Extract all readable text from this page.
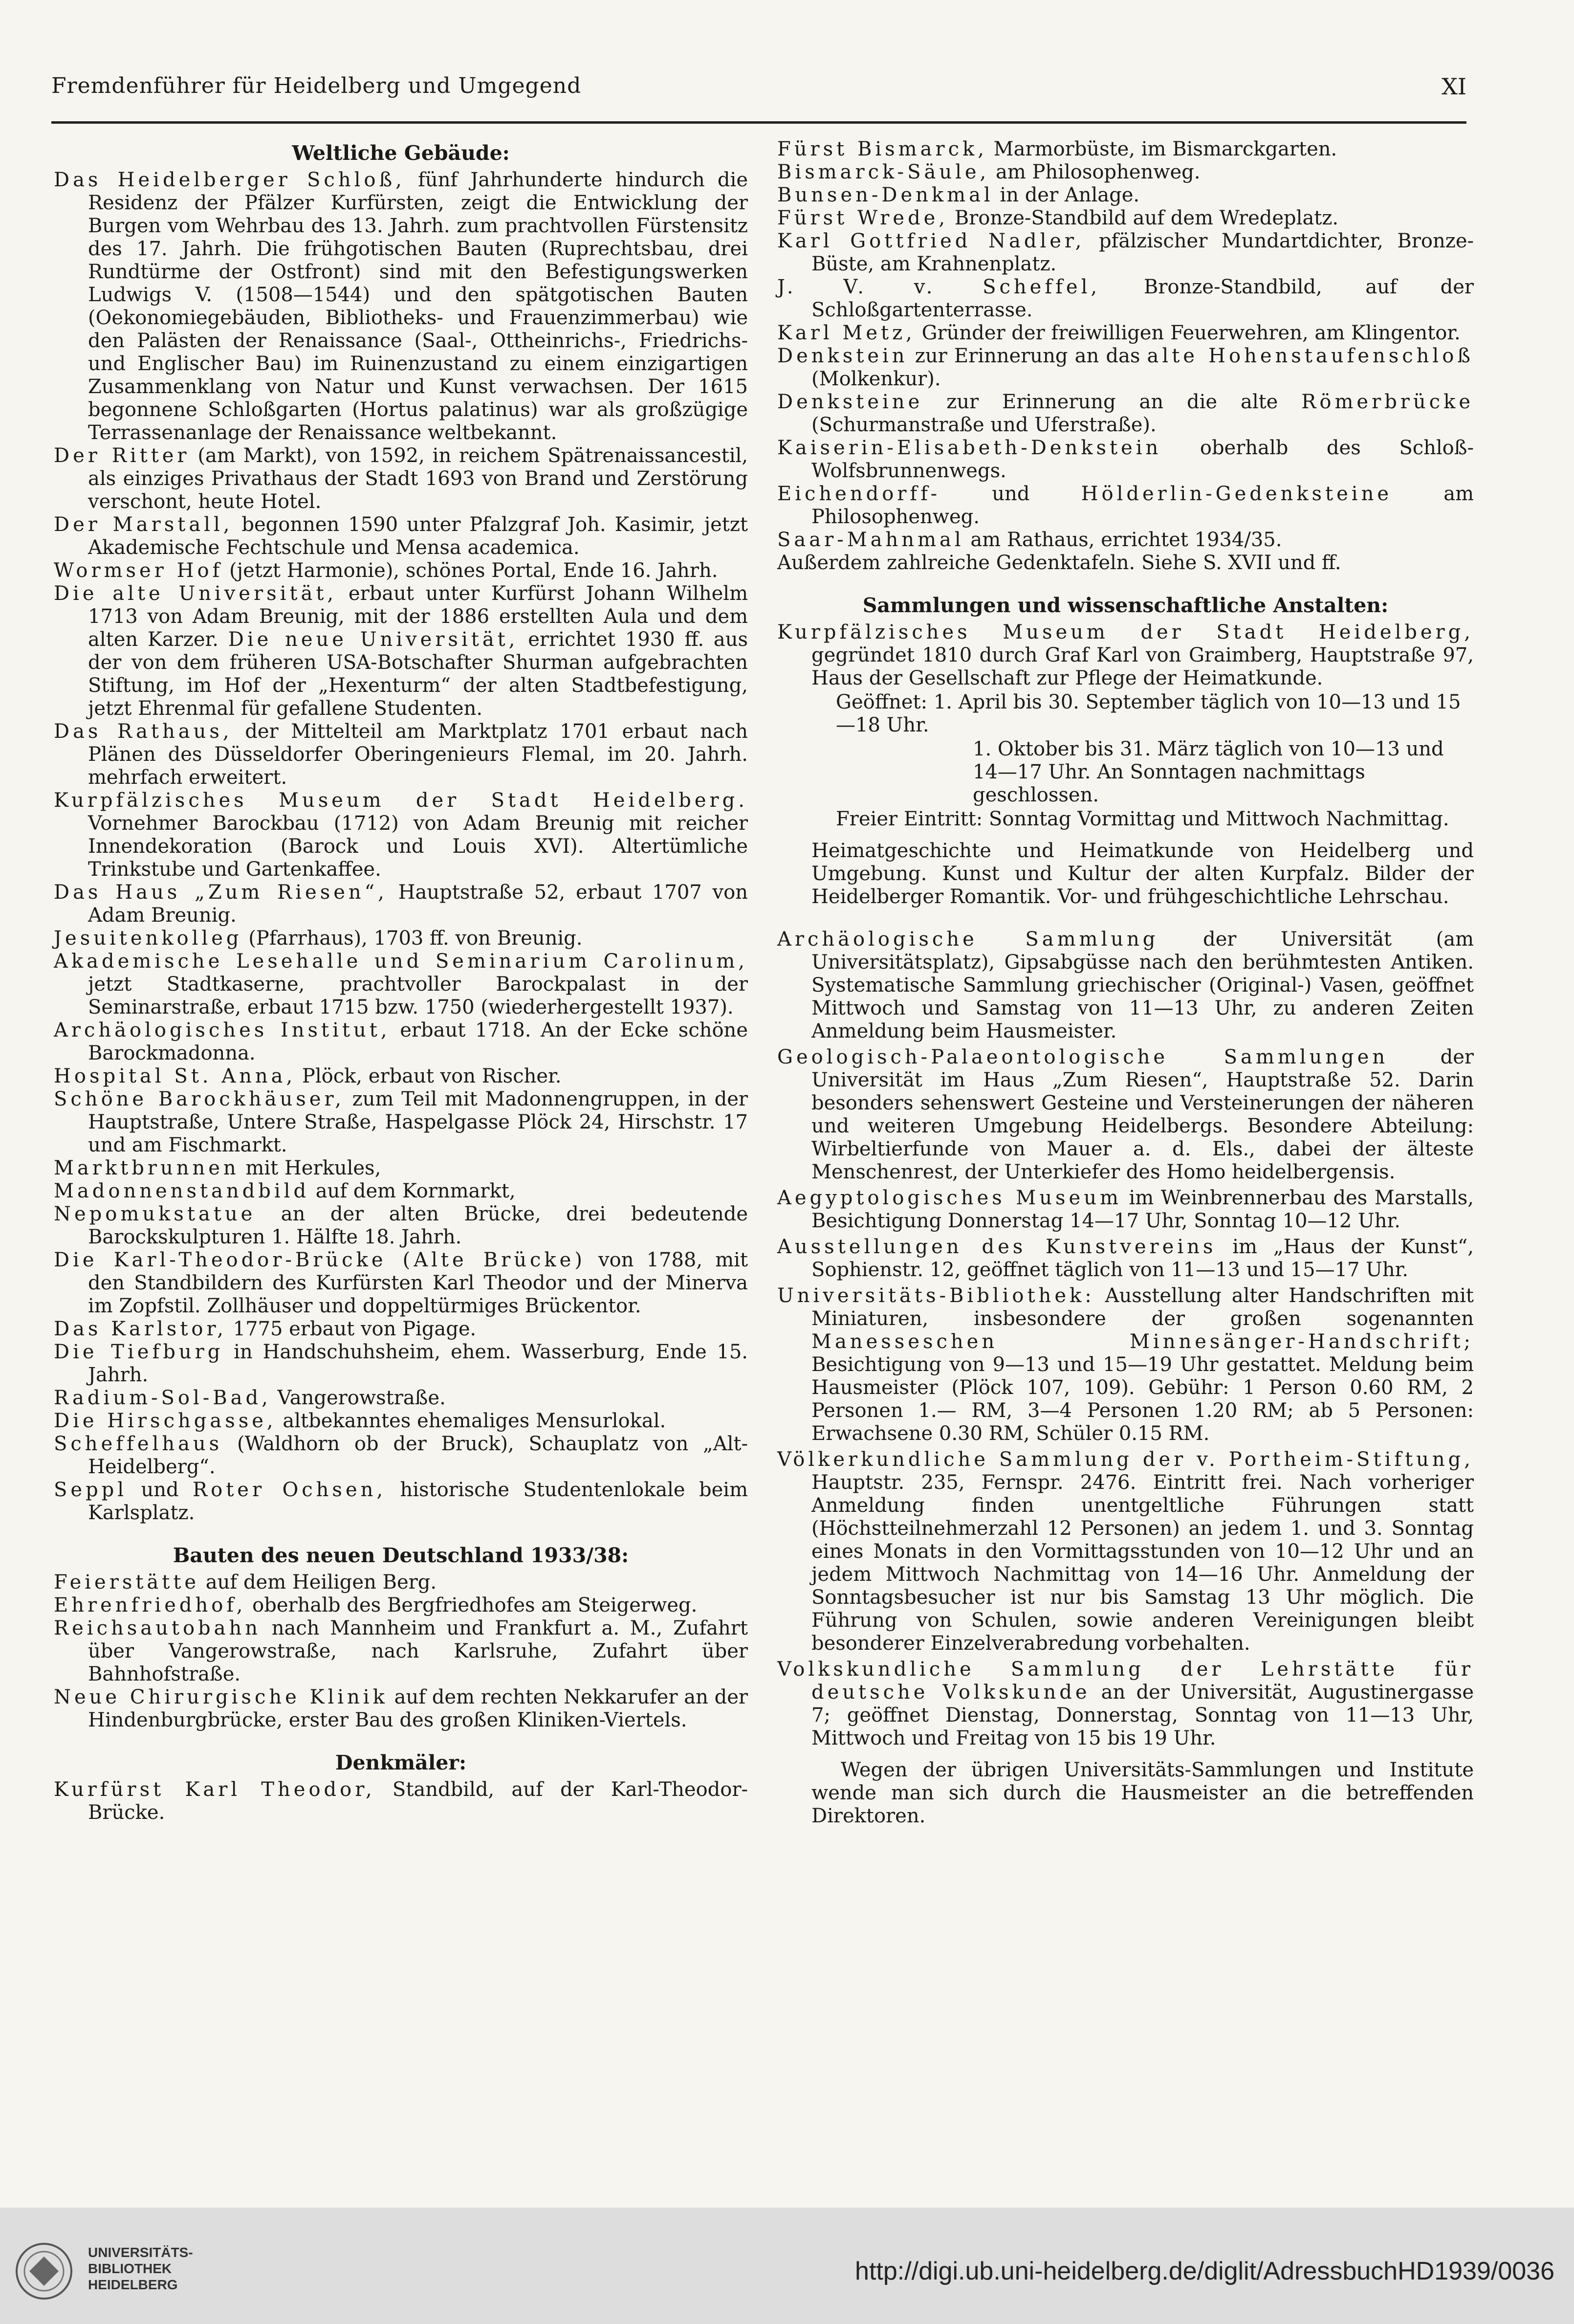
Fremdenführer für Heidelberg und Umgegend	XI
Weltliche Gebäude:

Das Heidelberger Schloß, fünf Jahrhunderte hindurch die Residenz der Pfälzer Kurfürsten, zeigt die Entwicklung der Burgen vom Wehrbau des 13. Jahrh. zum prachtvollen Fürstensitz des 17. Jahrh. Die frühgotischen Bauten (Ruprechtsbau, drei Rundtürme der Ostfront) sind mit den Befestigungswerken Ludwigs V. (1508—1544) und den spätgotischen Bauten (Oekonomiegebäuden, Bibliotheks- und Frauenzimmerbau) wie den Palästen der Renaissance (Saal-, Ottheinrichs-, Friedrichs- und Englischer Bau) im Ruinenzustand zu einem einzigartigen Zusammenklang von Natur und Kunst verwachsen. Der 1615 begonnene Schloßgarten (Hortus palatinus) war als großzügige Terrassenanlage der Renaissance weltbekannt.

Der Ritter (am Markt), von 1592, in reichem Spätrenaissancestil, als einziges Privathaus der Stadt 1693 von Brand und Zerstörung verschont, heute Hotel.

Der Marstall, begonnen 1590 unter Pfalzgraf Joh. Kasimir, jetzt Akademische Fechtschule und Mensa academica.

Wormser Hof (jetzt Harmonie), schönes Portal, Ende 16. Jahrh.

Die alte Universität, erbaut unter Kurfürst Johann Wilhelm 1713 von Adam Breunig, mit der 1886 erstellten Aula und dem alten Karzer. Die neue Universität, errichtet 1930 ff. aus der von dem früheren USA-Botschafter Shurman aufgebrachten Stiftung, im Hof der „Hexenturm“ der alten Stadtbefestigung, jetzt Ehrenmal für gefallene Studenten.

Das Rathaus, der Mittelteil am Marktplatz 1701 erbaut nach Plänen des Düsseldorfer Oberingenieurs Flemal, im 20. Jahrh. mehrfach erweitert.

Kurpfälzisches Museum der Stadt Heidelberg. Vornehmer Barockbau (1712) von Adam Breunig mit reicher Innendekoration (Barock und Louis XVI). Altertümliche Trinkstube und Gartenkaffee.

Das Haus „Zum Riesen“, Hauptstraße 52, erbaut 1707 von Adam Breunig.

Jesuitenkolleg (Pfarrhaus), 1703 ff. von Breunig.

Akademische Lesehalle und Seminarium Carolinum, jetzt Stadtkaserne, prachtvoller Barockpalast in der Seminarstraße, erbaut 1715 bzw. 1750 (wiederhergestellt 1937).

Archäologisches Institut, erbaut 1718. An der Ecke schöne Barockmadonna.

Hospital St. Anna, Plöck, erbaut von Rischer.

Schöne Barockhäuser, zum Teil mit Madonnengruppen, in der Hauptstraße, Untere Straße, Haspelgasse Plöck 24, Hirschstr. 17 und am Fischmarkt.

Marktbrunnen mit Herkules,

Madonnenstandbild auf dem Kornmarkt,

Nepomukstatue an der alten Brücke, drei bedeutende Barockskulpturen 1. Hälfte 18. Jahrh.

Die Karl-Theodor-Brücke (Alte Brücke) von 1788, mit den Standbildern des Kurfürsten Karl Theodor und der Minerva im Zopfstil. Zollhäuser und doppeltürmiges Brückentor.

Das Karlstor, 1775 erbaut von Pigage.

Die Tiefburg in Handschuhsheim, ehem. Wasserburg, Ende 15. Jahrh.

Radium-Sol-Bad, Vangerowstraße.

Die Hirschgasse, altbekanntes ehemaliges Mensurlokal.

Scheffelhaus (Waldhorn ob der Bruck), Schauplatz von „Alt-Heidelberg“.

Seppl und Roter Ochsen, historische Studentenlokale beim Karlsplatz.

Bauten des neuen Deutschland 1933/38:

Feierstätte auf dem Heiligen Berg.

Ehrenfriedhof, oberhalb des Bergfriedhofes am Steigerweg.

Reichsautobahn nach Mannheim und Frankfurt a. M., Zufahrt über Vangerowstraße, nach Karlsruhe, Zufahrt über Bahnhofstraße.

Neue Chirurgische Klinik auf dem rechten Nekkarufer an der Hindenburgbrücke, erster Bau des großen Kliniken-Viertels.

Denkmäler:

Kurfürst Karl Theodor, Standbild, auf der Karl-Theodor-Brücke.

Fürst Bismarck, Marmorbüste, im Bismarckgarten.

Bismarck-Säule, am Philosophenweg.

Bunsen-Denkmal in der Anlage.

Fürst Wrede, Bronze-Standbild auf dem Wredeplatz.

Karl Gottfried Nadler, pfälzischer Mundartdichter, Bronze-Büste, am Krahnenplatz.

J. V. v. Scheffel, Bronze-Standbild, auf der Schloßgartenterrasse.

Karl Metz, Gründer der freiwilligen Feuerwehren, am Klingentor.

Denkstein zur Erinnerung an das alte Hohenstaufenschloß (Molkenkur).

Denksteine zur Erinnerung an die alte Römerbrücke (Schurmanstraße und Uferstraße).

Kaiserin-Elisabeth-Denkstein oberhalb des Schloß-Wolfsbrunnenwegs.

Eichendorff- und Hölderlin-Gedenksteine am Philosophenweg.

Saar-Mahnmal am Rathaus, errichtet 1934/35.

Außerdem zahlreiche Gedenktafeln. Siehe S. XVII und ff.

Sammlungen und wissenschaftliche Anstalten:

Kurpfälzisches Museum der Stadt Heidelberg, gegründet 1810 durch Graf Karl von Graimberg, Hauptstraße 97, Haus der Gesellschaft zur Pflege der Heimatkunde.

Geöffnet: 1. April bis 30. September täglich von 10—13 und 15—18 Uhr.

1. Oktober bis 31. März täglich von 10—13 und 14—17 Uhr. An Sonntagen nachmittags geschlossen.

Freier Eintritt: Sonntag Vormittag und Mittwoch Nachmittag.

Heimatgeschichte und Heimatkunde von Heidelberg und Umgebung. Kunst und Kultur der alten Kurpfalz. Bilder der Heidelberger Romantik. Vor- und frühgeschichtliche Lehrschau.

Archäologische Sammlung der Universität (am Universitätsplatz), Gipsabgüsse nach den berühmtesten Antiken. Systematische Sammlung griechischer (Original-) Vasen, geöffnet Mittwoch und Samstag von 11—13 Uhr, zu anderen Zeiten Anmeldung beim Hausmeister.

Geologisch-Palaeontologische Sammlungen der Universität im Haus „Zum Riesen“, Hauptstraße 52. Darin besonders sehenswert Gesteine und Versteinerungen der näheren und weiteren Umgebung Heidelbergs. Besondere Abteilung: Wirbeltierfunde von Mauer a. d. Els., dabei der älteste Menschenrest, der Unterkiefer des Homo heidelbergensis.

Aegyptologisches Museum im Weinbrennerbau des Marstalls, Besichtigung Donnerstag 14—17 Uhr, Sonntag 10—12 Uhr.

Ausstellungen des Kunstvereins im „Haus der Kunst“, Sophienstr. 12, geöffnet täglich von 11—13 und 15—17 Uhr.

Universitäts-Bibliothek: Ausstellung alter Handschriften mit Miniaturen, insbesondere der großen sogenannten Manesseschen Minnesänger-Handschrift; Besichtigung von 9—13 und 15—19 Uhr gestattet. Meldung beim Hausmeister (Plöck 107, 109). Gebühr: 1 Person 0.60 RM, 2 Personen 1.— RM, 3—4 Personen 1.20 RM; ab 5 Personen: Erwachsene 0.30 RM, Schüler 0.15 RM.

Völkerkundliche Sammlung der v. Portheim-Stiftung, Hauptstr. 235, Fernspr. 2476. Eintritt frei. Nach vorheriger Anmeldung finden unentgeltliche Führungen statt (Höchstteilnehmerzahl 12 Personen) an jedem 1. und 3. Sonntag eines Monats in den Vormittagsstunden von 10—12 Uhr und an jedem Mittwoch Nachmittag von 14—16 Uhr. Anmeldung der Sonntagsbesucher ist nur bis Samstag 13 Uhr möglich. Die Führung von Schulen, sowie anderen Vereinigungen bleibt besonderer Einzelverabredung vorbehalten.

Volkskundliche Sammlung der Lehrstätte für deutsche Volkskunde an der Universität, Augustinergasse 7; geöffnet Dienstag, Donnerstag, Sonntag von 11—13 Uhr, Mittwoch und Freitag von 15 bis 19 Uhr.

Wegen der übrigen Universitäts-Sammlungen und Institute wende man sich durch die Hausmeister an die betreffenden Direktoren.

UNIVERSITÄTS-
BIBLIOTHEK
HEIDELBERG	http://digi.ub.uni-heidelberg.de/diglit/AdressbuchHD1939/0036
